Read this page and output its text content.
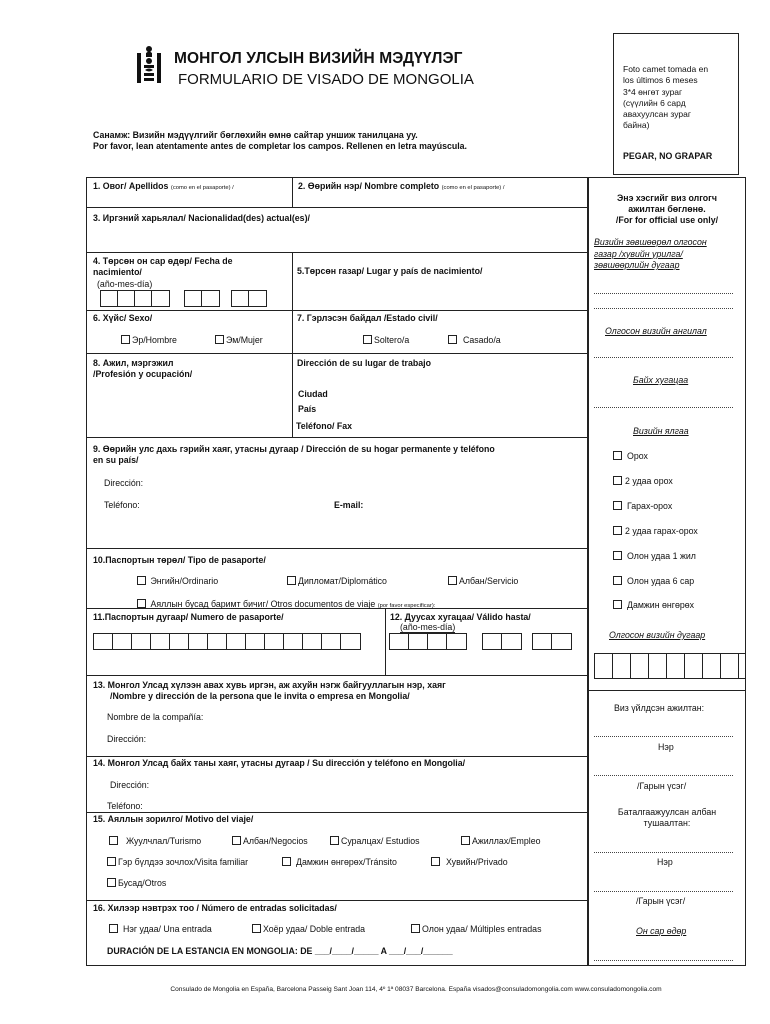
МОНГОЛ УЛСЫН ВИЗИЙН МЭДҮҮЛЭГ
FORMULARIO DE VISADO DE MONGOLIA
Санамж: Визийн мэдүүлгийг бөглөхийн өмнө сайтар уншиж танилцана уу.
Por favor, lean atentamente antes de completar los campos. Rellenen en letra mayúscula.
Foto camet tomada en
los últimos 6 meses
3*4 өнгөт зураг
(сүүлийн 6 сард
авахуулсан зураг
байна)
PEGAR, NO GRAPAR
1. Овог/ Apellidos (como en el pasaporte) /	2. Өөрийн нэр/ Nombre completo (como en el pasaporte) /
3. Иргэний харьялал/ Nacionalidad(des) actual(es)/
4. Төрсөн он сар өдөр/ Fecha de nacimiento/
(año-mes-día)
5.Төрсөн газар/ Lugar y país de nacimiento/
6. Хүйс/ Sexo/
Эр/Hombre	Эм/Mujer
7. Гэрлэсэн байдал /Estado civil/
Soltero/a	Casado/a
8. Ажил, мэргэжил
/Profesión y ocupación/
Dirección de su lugar de trabajo
Ciudad
País
Teléfono/ Fax
9. Өөрийн улс дахь гэрийн хаяг, утасны дугаар / Dirección de su hogar permanente y teléfono
en su país/
Dirección:
Teléfono:	E-mail:
10.Паспортын төрөл/ Tipo de pasaporte/
Энгийн/Ordinario	Дипломат/Diplomático	Албан/Servicio
Аяллын бусад баримт бичиг/ Otros documentos de viaje (por favor especificar):
11.Паспортын дугаар/ Numero de pasaporte/	12. Дуусах хугацаа/ Válido hasta/
(año-mes-día)
13. Монгол Улсад хүлээн авах хувь иргэн, аж ахуйн нэгж байгууллагын нэр, хаяг
/Nombre y dirección de la persona que le invita o empresa en Mongolia/
Nombre de la compañía:
Dirección:
14. Монгол Улсад байх таны хаяг, утасны дугаар / Su dirección y teléfono en Mongolia/
Dirección:
Teléfono:
15. Аяллын зорилго/ Motivo del viaje/
Жуулчлал/Turismo	Албан/Negocios	Суралцах/ Estudios	Ажиллах/Empleo
Гэр бүлдээ зочлох/Visita familiar	Дамжин өнгөрөх/Tránsito	Хувийн/Privado
Бусад/Otros
16. Хилээр нэвтрэх тоо / Número de entradas solicitadas/
Нэг удаа/ Una entrada	Хоёр удаа/ Doble entrada	Олон удаа/ Múltiples entradas
DURACIÓN DE LA ESTANCIA EN MONGOLIA: DE ___/____/_____ A ___/___/______
Энэ хэсгийг виз олгогч
ажилтан бөглөнө.
/For for official use only/
Визийн зөвшөөрөл олгосон
газар /хувийн урилга/
зөвшөөрлийн дугаар
Олгосон визийн ангилал
Байх хугацаа
Визийн ялгаа
Орох
2 удаа орох
Гарах-орох
2 удаа гарах-орох
Олон удаа 1 жил
Олон удаа 6 сар
Дамжин өнгөрөх
Олгосон визийн дугаар
Виз үйлдсэн ажилтан:
Нэр
/Гарын үсэг/
Баталгаажуулсан албан
тушаалтан:
Нэр
/Гарын үсэг/
Он сар өдөр
Consulado de Mongolia en España, Barcelona Passeig Sant Joan 114, 4º 1ª 08037 Barcelona. España visados@consuladomongolia.com www.consuladomongolia.com
